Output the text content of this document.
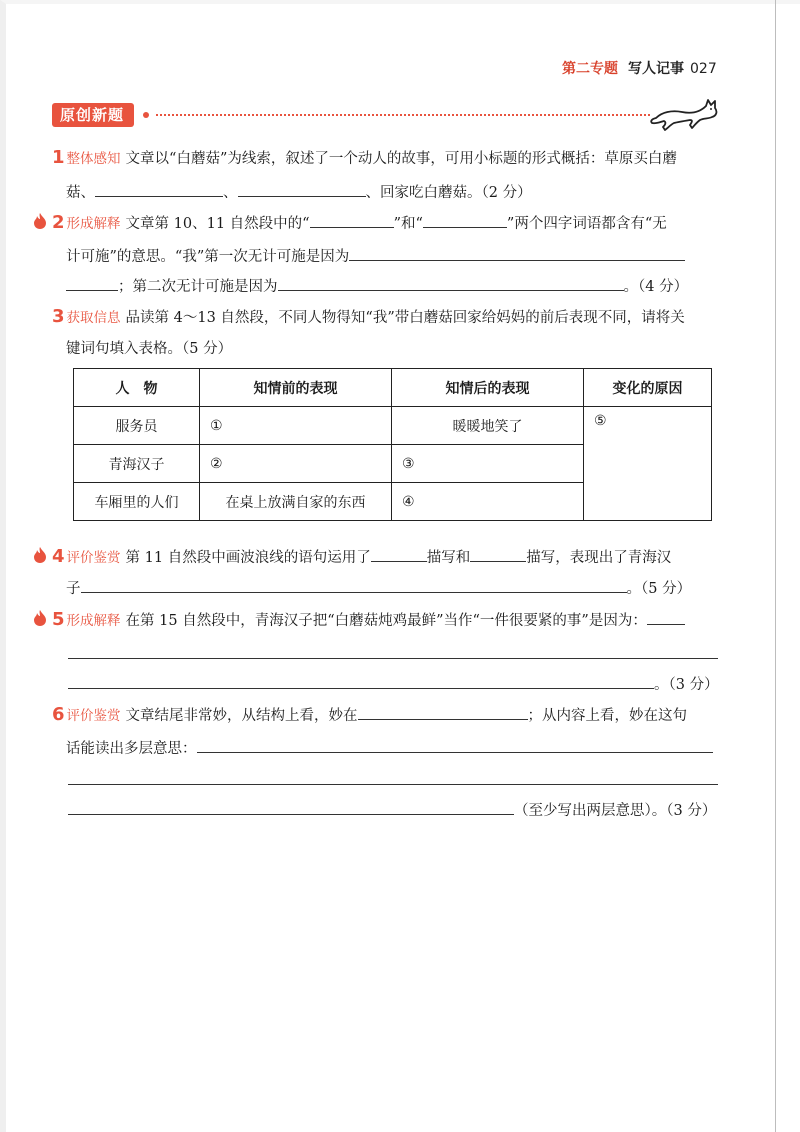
第二专题 写人记事 027
原创新题
1 整体感知 文章以“白蘑菇”为线索，叙述了一个动人的故事，可用小标题的形式概括：草原买白蘑
菇、	、	、回家吃白蘑菇。（2 分）
2 形成解释 文章第 10、11 自然段中的“	”和“	”两个四字词语都含有“无
计可施”的意思。“我”第一次无计可施是因为
；第二次无计可施是因为	。（4 分）
3 获取信息 品读第 4～13 自然段，不同人物得知“我”带白蘑菇回家给妈妈的前后表现不同，请将关
键词句填入表格。（5 分）
人　物	知情前的表现	知情后的表现	变化的原因
服务员	①	暖暖地笑了	⑤
青海汉子	②	③	
车厢里的人们	在桌上放满自家的东西	④	
4 评价鉴赏 第 11 自然段中画波浪线的语句运用了	描写和	描写，表现出了青海汉
子	。（5 分）
5 形成解释 在第 15 自然段中，青海汉子把“白蘑菇炖鸡最鲜”当作“一件很要紧的事”是因为：
。（3 分）
6 评价鉴赏 文章结尾非常妙，从结构上看，妙在	；从内容上看，妙在这句
话能读出多层意思：
（至少写出两层意思）。（3 分）
